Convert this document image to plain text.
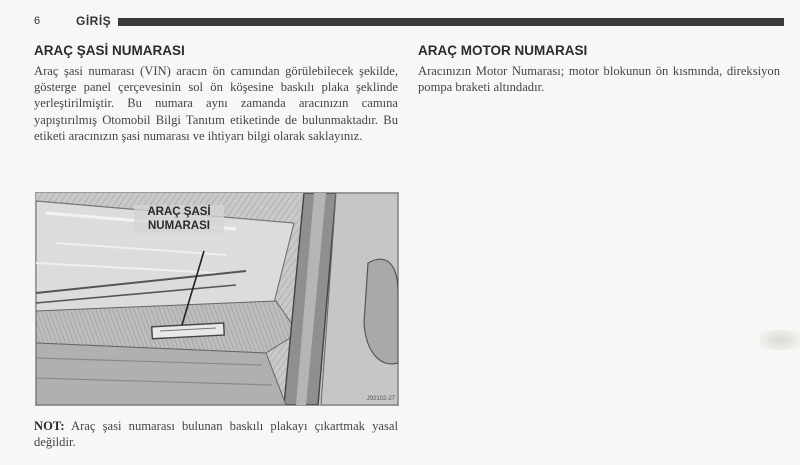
6	GİRİŞ
ARAÇ ŞASİ NUMARASI

Araç şasi numarası (VIN) aracın ön camından görülebilecek şekilde, gösterge panel çerçevesinin sol ön köşesine baskılı plaka şeklinde yerleştirilmiştir. Bu numara aynı zamanda aracınızın camına yapıştırılmış Otomobil Bilgi Tanıtım etiketinde de bulunmaktadır. Bu etiketi aracınızın şasi numarası ve ihtiyarı bilgi olarak saklayınız.

ARAÇ ŞASİ
NUMARASI
J92102-27

NOT: Araç şasi numarası bulunan baskılı plakayı çıkartmak yasal değildir.

ARAÇ MOTOR NUMARASI

Aracınızın Motor Numarası; motor blokunun ön kısmında, direksiyon pompa braketi altındadır.
